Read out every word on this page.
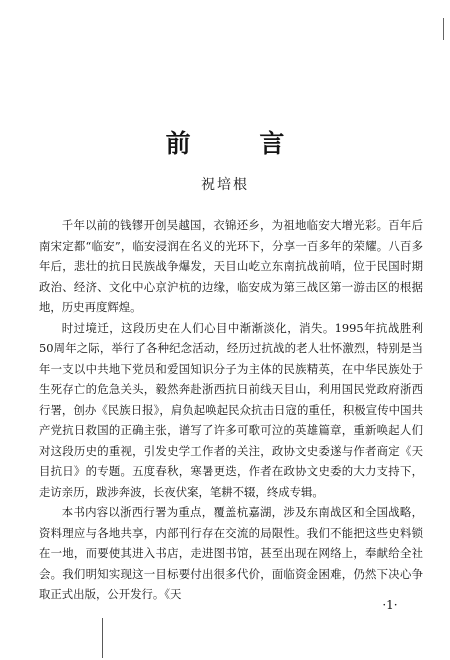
前 言
祝培根

千年以前的钱镠开创吴越国，衣锦还乡，为祖地临安大增光彩。百年后南宋定都“临安”，临安浸润在名义的光环下，分享一百多年的荣耀。八百多年后，悲壮的抗日民族战争爆发，天目山屹立东南抗战前哨，位于民国时期政治、经济、文化中心京沪杭的边缘，临安成为第三战区第一游击区的根据地，历史再度辉煌。

时过境迁，这段历史在人们心目中渐渐淡化，消失。1995年抗战胜利50周年之际，举行了各种纪念活动，经历过抗战的老人壮怀激烈，特别是当年一支以中共地下党员和爱国知识分子为主体的民族精英，在中华民族处于生死存亡的危急关头，毅然奔赴浙西抗日前线天目山，利用国民党政府浙西行署，创办《民族日报》，肩负起唤起民众抗击日寇的重任，积极宣传中国共产党抗日救国的正确主张，谱写了许多可歌可泣的英雄篇章，重新唤起人们对这段历史的重视，引发史学工作者的关注，政协文史委遂与作者商定《天目抗日》的专题。五度春秋，寒暑更迭，作者在政协文史委的大力支持下，走访亲历，跋涉奔波，长夜伏案，笔耕不辍，终成专辑。

本书内容以浙西行署为重点，覆盖杭嘉湖，涉及东南战区和全国战略，资料理应与各地共享，内部刊行存在交流的局限性。我们不能把这些史料锁在一地，而要使其进入书店，走进图书馆，甚至出现在网络上，奉献给全社会。我们明知实现这一目标要付出很多代价，面临资金困难，仍然下决心争取正式出版，公开发行。《天

·1·
